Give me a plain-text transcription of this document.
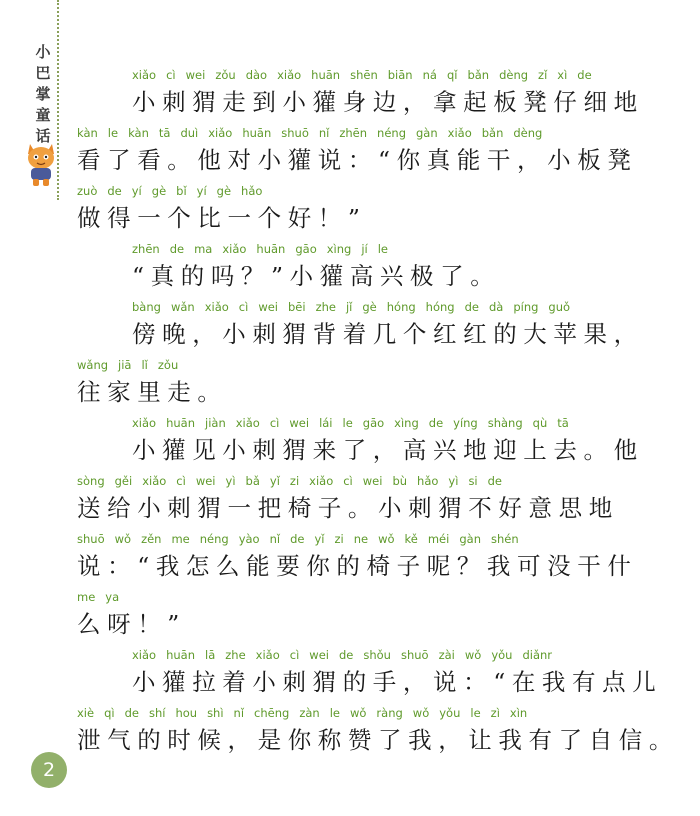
小
巴
掌
童
话
xiǎo cì wei zǒu dào xiǎo huān shēn biān ná qǐ bǎn dèng zǐ xì de
小刺猬走到小獾身边，拿起板凳仔细地
kàn le kàn tā duì xiǎo huān shuō nǐ zhēn néng gàn xiǎo bǎn dèng
看了看。他对小獾说：“你真能干，小板凳
zuò de yí gè bǐ yí gè hǎo
做得一个比一个好！”
zhēn de ma xiǎo huān gāo xìng jí le
“真的吗？”小獾高兴极了。
bàng wǎn xiǎo cì wei bēi zhe jǐ gè hóng hóng de dà píng guǒ
傍晚，小刺猬背着几个红红的大苹果，
wǎng jiā lǐ zǒu
往家里走。
xiǎo huān jiàn xiǎo cì wei lái le gāo xìng de yíng shàng qù tā
小獾见小刺猬来了，高兴地迎上去。他
sòng gěi xiǎo cì wei yì bǎ yǐ zi xiǎo cì wei bù hǎo yì si de
送给小刺猬一把椅子。小刺猬不好意思地
shuō wǒ zěn me néng yào nǐ de yǐ zi ne wǒ kě méi gàn shén
说：“我怎么能要你的椅子呢？我可没干什
me ya
么呀！”
xiǎo huān lā zhe xiǎo cì wei de shǒu shuō zài wǒ yǒu diǎnr
小獾拉着小刺猬的手，说：“在我有点儿
xiè qì de shí hou shì nǐ chēng zàn le wǒ ràng wǒ yǒu le zì xìn
泄气的时候，是你称赞了我，让我有了自信。
2
